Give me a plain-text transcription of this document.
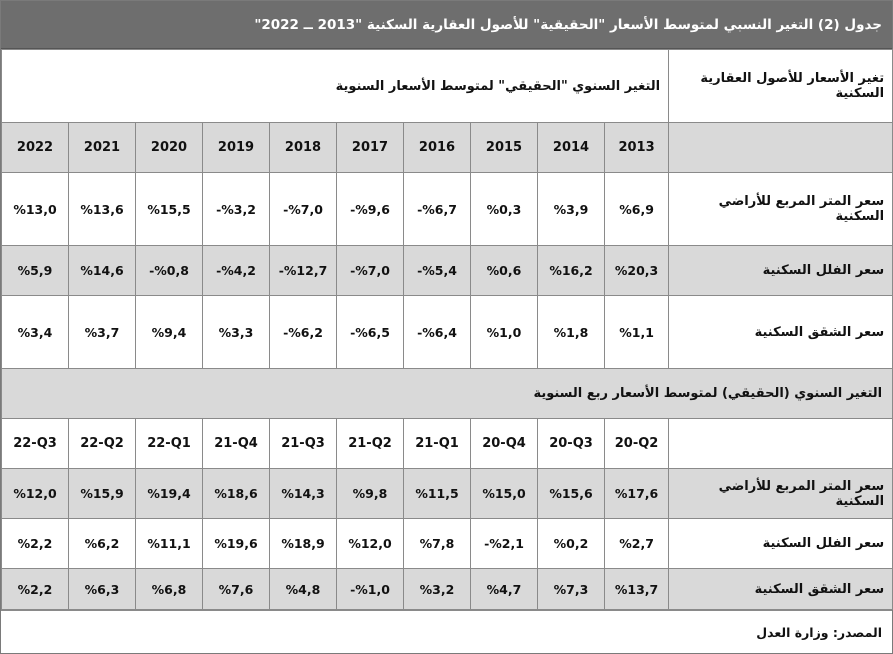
جدول (2) التغير النسبي لمتوسط الأسعار "الحقيقية" للأصول العقارية السكنية "2013 ــ 2022"
التغير السنوي "الحقيقي" لمتوسط الأسعار السنوية										تغير الأسعار للأصول العقارية السكنية
2022	2021	2020	2019	2018	2017	2016	2015	2014	2013	
%13,0	%13,6	%15,5	-%3,2	-%7,0	-%9,6	-%6,7	%0,3	%3,9	%6,9	سعر المتر المربع للأراضي السكنية
%5,9	%14,6	-%0,8	-%4,2	-%12,7	-%7,0	-%5,4	%0,6	%16,2	%20,3	سعر الفلل السكنية
%3,4	%3,7	%9,4	%3,3	-%6,2	-%6,5	-%6,4	%1,0	%1,8	%1,1	سعر الشقق السكنية
التغير السنوي (الحقيقي) لمتوسط الأسعار ربع السنوية										
22-Q3	22-Q2	22-Q1	21-Q4	21-Q3	21-Q2	21-Q1	20-Q4	20-Q3	20-Q2	
%12,0	%15,9	%19,4	%18,6	%14,3	%9,8	%11,5	%15,0	%15,6	%17,6	سعر المتر المربع للأراضي السكنية
%2,2	%6,2	%11,1	%19,6	%18,9	%12,0	%7,8	-%2,1	%0,2	%2,7	سعر الفلل السكنية
%2,2	%6,3	%6,8	%7,6	%4,8	-%1,0	%3,2	%4,7	%7,3	%13,7	سعر الشقق السكنية
المصدر: وزارة العدل
